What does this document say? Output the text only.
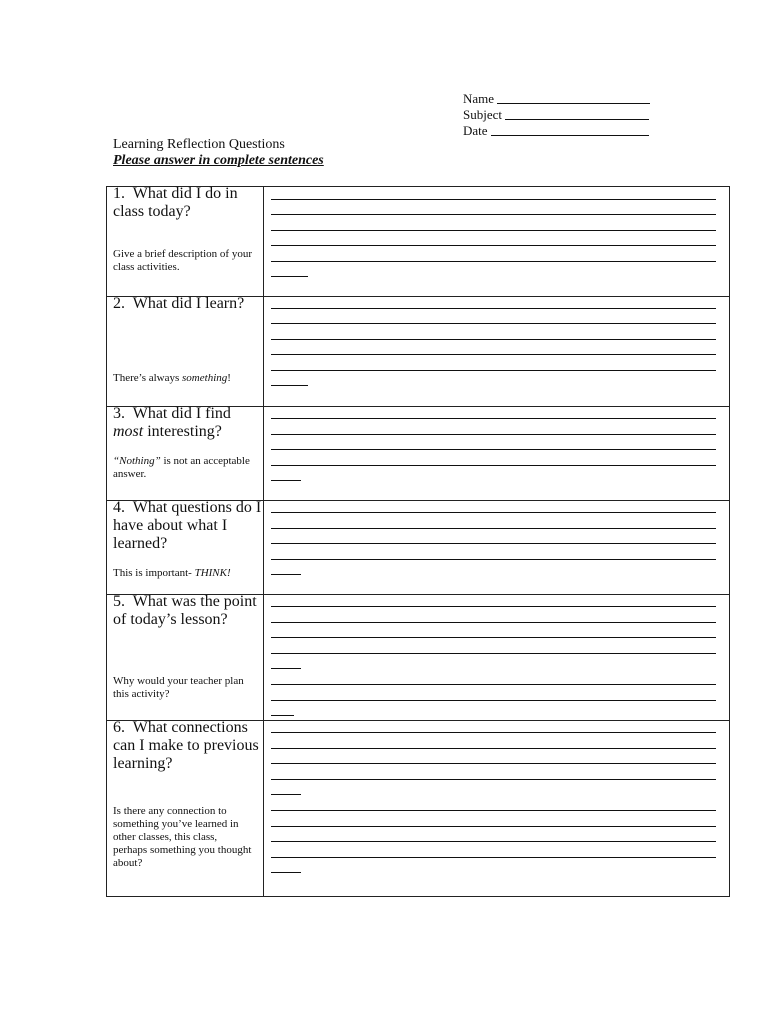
Name
Subject
Date
Learning Reflection Questions
Please answer in complete sentences
1. What did I do in class today?
Give a brief description of your class activities.	

2. What did I learn?
There’s always something!	

3. What did I find most interesting?
“Nothing” is not an acceptable answer.	

4. What questions do I have about what I learned?
This is important- THINK!	

5. What was the point of today’s lesson?
Why would your teacher plan this activity?	

6. What connections can I make to previous learning?
Is there any connection to something you’ve learned in other classes, this class, perhaps something you thought about?	
